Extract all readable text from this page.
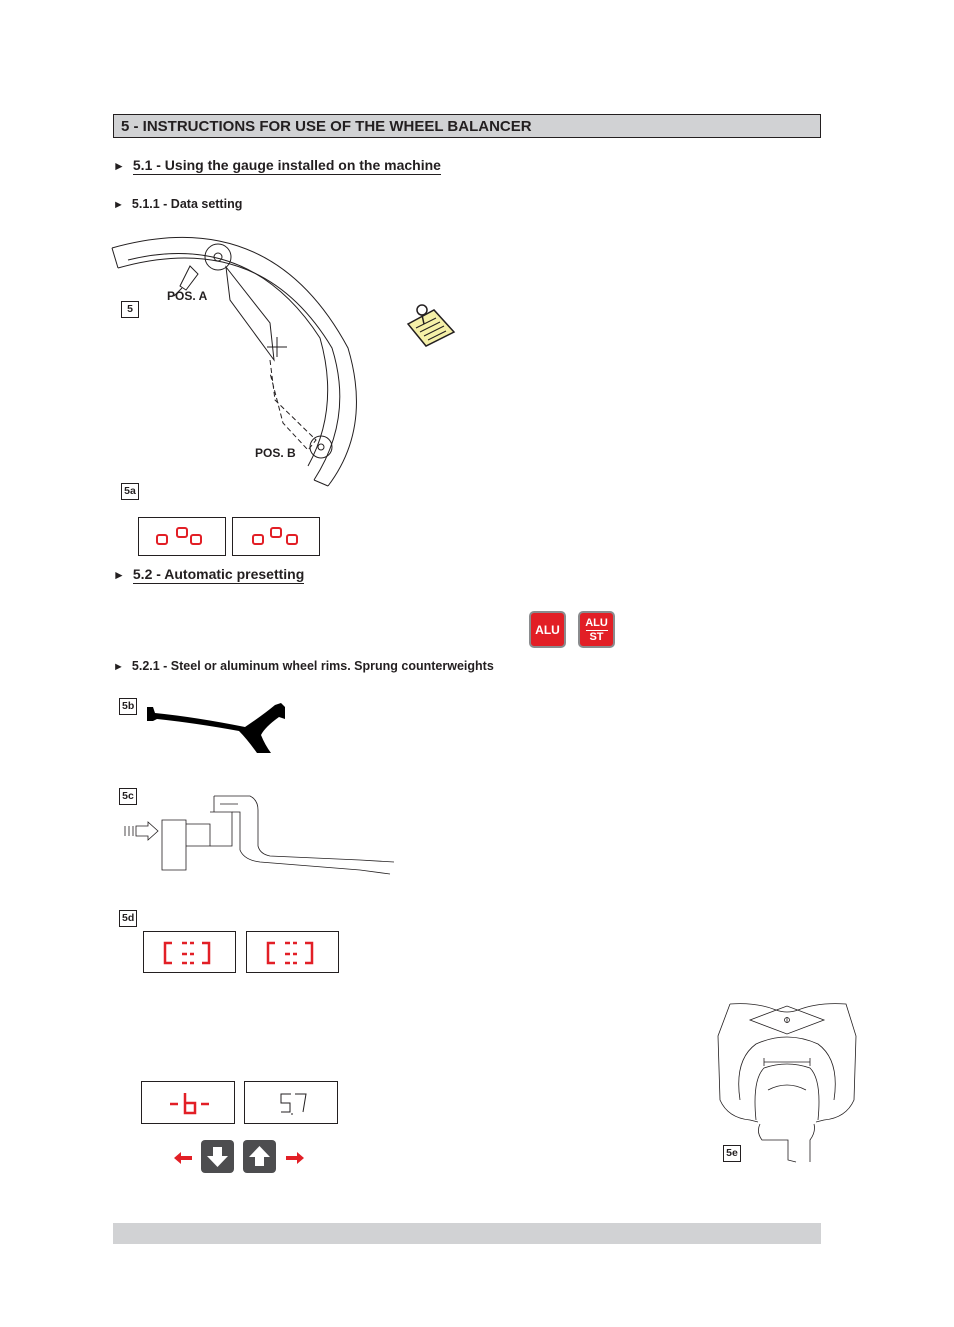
5 - INSTRUCTIONS FOR USE OF THE WHEEL BALANCER
► 5.1 - Using the gauge installed on the machine
► 5.1.1 - Data setting
POS. A
POS. B
5
5a
► 5.2 - Automatic presetting
ALU ALU
ST
► 5.2.1 - Steel or aluminum wheel rims. Sprung counterweights
5b
5c
5d
5e
